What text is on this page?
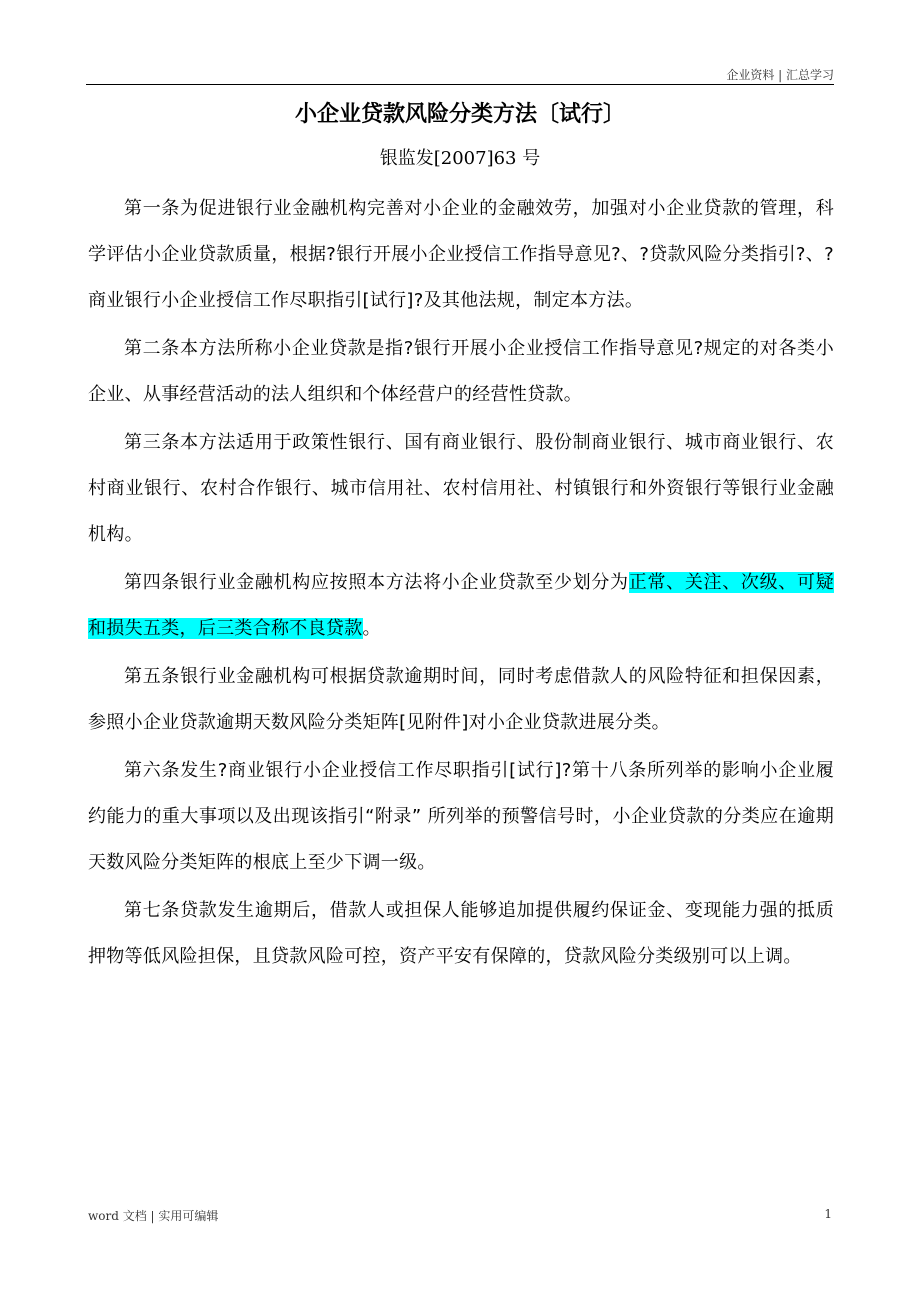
企业资料 | 汇总学习
小企业贷款风险分类方法〔试行〕
银监发[2007]63 号

第一条为促进银行业金融机构完善对小企业的金融效劳，加强对小企业贷款的管理，科学评估小企业贷款质量，根据?银行开展小企业授信工作指导意见?、?贷款风险分类指引?、?商业银行小企业授信工作尽职指引[试行]?及其他法规，制定本方法。

第二条本方法所称小企业贷款是指?银行开展小企业授信工作指导意见?规定的对各类小企业、从事经营活动的法人组织和个体经营户的经营性贷款。

第三条本方法适用于政策性银行、国有商业银行、股份制商业银行、城市商业银行、农村商业银行、农村合作银行、城市信用社、农村信用社、村镇银行和外资银行等银行业金融机构。

第四条银行业金融机构应按照本方法将小企业贷款至少划分为正常、关注、次级、可疑和损失五类，后三类合称不良贷款。

第五条银行业金融机构可根据贷款逾期时间，同时考虑借款人的风险特征和担保因素，参照小企业贷款逾期天数风险分类矩阵[见附件]对小企业贷款进展分类。

第六条发生?商业银行小企业授信工作尽职指引[试行]?第十八条所列举的影响小企业履约能力的重大事项以及出现该指引“附录” 所列举的预警信号时，小企业贷款的分类应在逾期天数风险分类矩阵的根底上至少下调一级。

第七条贷款发生逾期后，借款人或担保人能够追加提供履约保证金、变现能力强的抵质押物等低风险担保，且贷款风险可控，资产平安有保障的，贷款风险分类级别可以上调。

word 文档 | 实用可编辑	1
